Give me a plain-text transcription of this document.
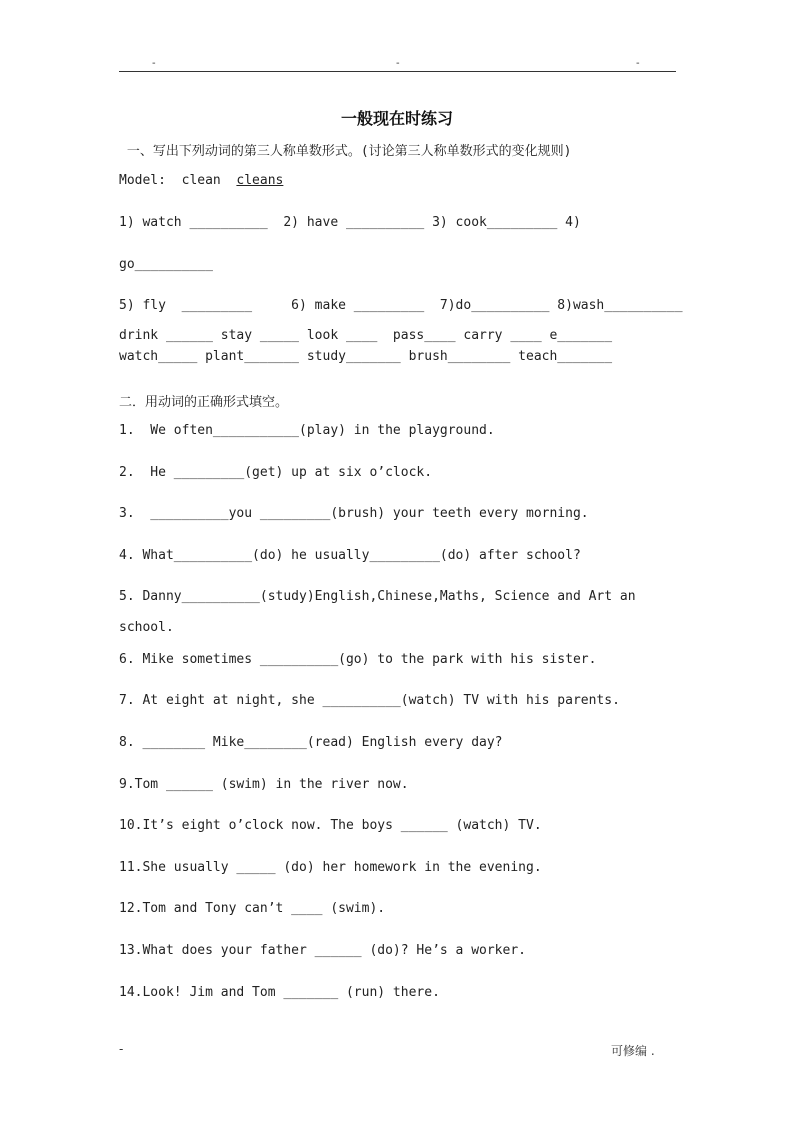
-	-	-
一般现在时练习
一、写出下列动词的第三人称单数形式。(讨论第三人称单数形式的变化规则)
Model:  clean  cleans
1) watch __________  2) have __________ 3) cook_________ 4)
go__________
5) fly  _________     6) make _________  7)do__________ 8)wash__________
drink ______ stay _____ look ____  pass____ carry ____ e_______
watch_____ plant_______ study_______ brush________ teach_______
二．用动词的正确形式填空。
1.  We often___________(play) in the playground.
2.  He _________(get) up at six o’clock.
3.  __________you _________(brush) your teeth every morning.
4. What__________(do) he usually_________(do) after school?
5. Danny__________(study)English,Chinese,Maths, Science and Art an
school.
6. Mike sometimes __________(go) to the park with his sister.
7. At eight at night, she __________(watch) TV with his parents.
8. ________ Mike________(read) English every day?
9.Tom ______ (swim) in the river now.
10.It’s eight o’clock now. The boys ______ (watch) TV.
11.She usually _____ (do) her homework in the evening.
12.Tom and Tony can’t ____ (swim).
13.What does your father ______ (do)? He’s a worker.
14.Look! Jim and Tom _______ (run) there.
-	可修编 .
